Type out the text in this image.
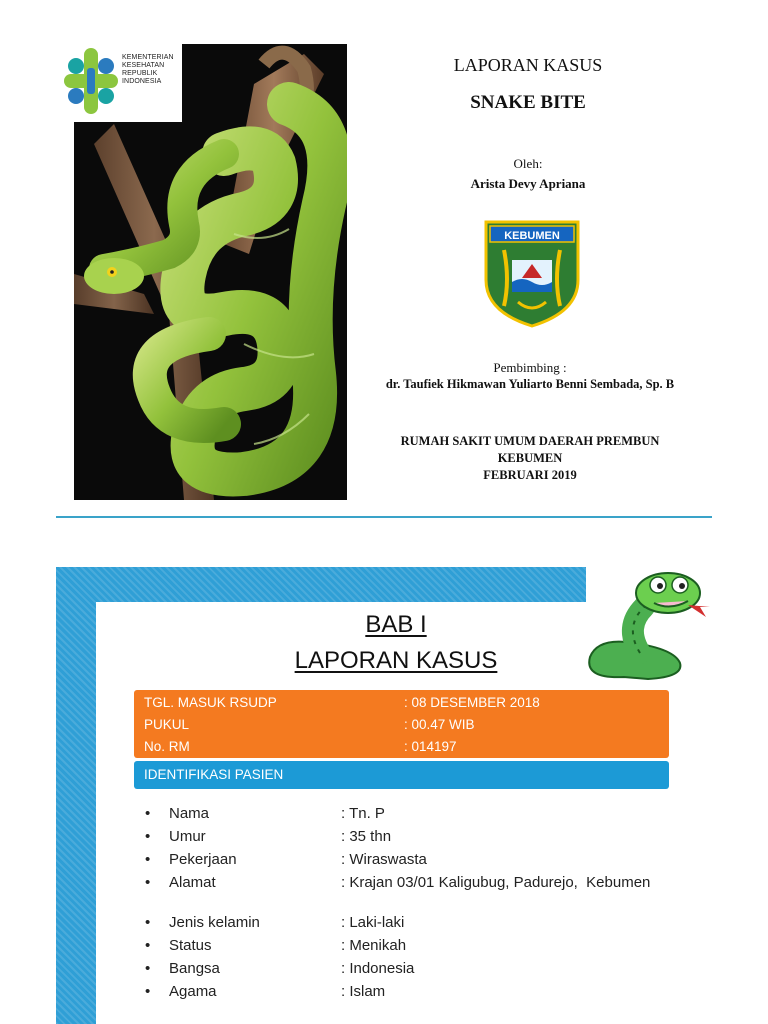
KEMENTERIAN
KESEHATAN
REPUBLIK
INDONESIA
LAPORAN KASUS
SNAKE BITE
Oleh:
Arista Devy Apriana
KEBUMEN
Pembimbing :
dr. Taufiek Hikmawan Yuliarto Benni Sembada, Sp. B
RUMAH SAKIT UMUM DAERAH PREMBUN
KEBUMEN
FEBRUARI 2019
BAB I
LAPORAN KASUS
TGL. MASUK RSUDP	: 08 DESEMBER 2018
PUKUL	: 00.47 WIB
No. RM	: 014197
IDENTIFIKASI PASIEN
• Nama	: Tn. P
• Umur	: 35 thn
• Pekerjaan	: Wiraswasta
• Alamat	: Krajan 03/01 Kaligubug, Padurejo,  Kebumen
• Jenis kelamin	: Laki-laki
• Status	: Menikah
• Bangsa	: Indonesia
• Agama	: Islam
